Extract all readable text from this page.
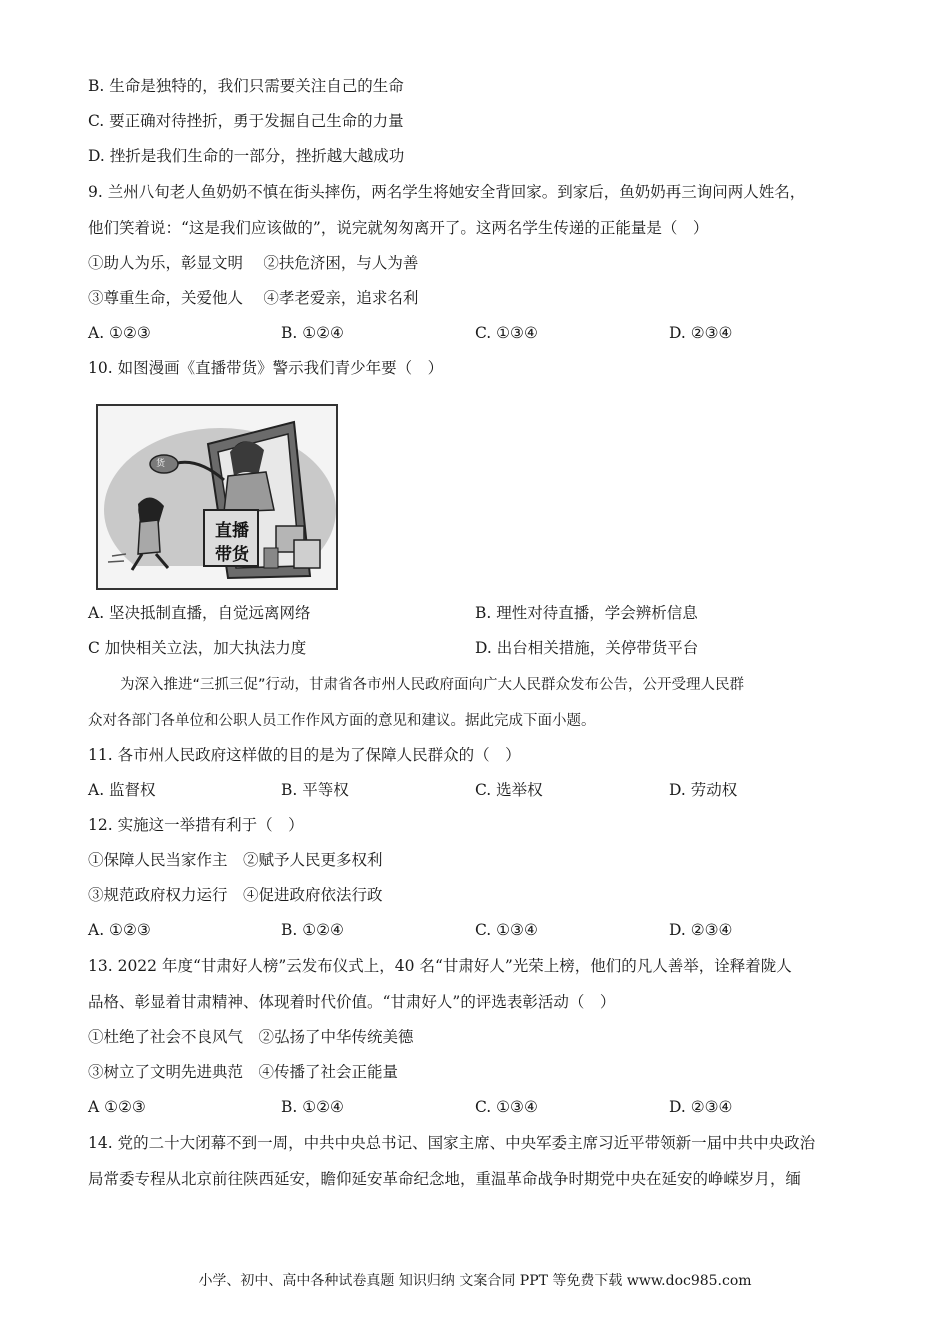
B. 生命是独特的，我们只需要关注自己的生命
C. 要正确对待挫折，勇于发掘自己生命的力量
D. 挫折是我们生命的一部分，挫折越大越成功
9. 兰州八旬老人鱼奶奶不慎在街头摔伤，两名学生将她安全背回家。到家后，鱼奶奶再三询问两人姓名，
他们笑着说：“这是我们应该做的”，说完就匆匆离开了。这两名学生传递的正能量是（　）
①助人为乐，彰显文明　 ②扶危济困，与人为善
③尊重生命，关爱他人　 ④孝老爱亲，追求名利
A. ①②③	B. ①②④	C. ①③④	D. ②③④
10. 如图漫画《直播带货》警示我们青少年要（　）
直播
带货
货
A. 坚决抵制直播，自觉远离网络	B. 理性对待直播，学会辨析信息
C 加快相关立法，加大执法力度	D. 出台相关措施，关停带货平台
为深入推进“三抓三促”行动，甘肃省各市州人民政府面向广大人民群众发布公告，公开受理人民群
众对各部门各单位和公职人员工作作风方面的意见和建议。据此完成下面小题。
11. 各市州人民政府这样做的目的是为了保障人民群众的（　）
A. 监督权	B. 平等权	C. 选举权	D. 劳动权
12. 实施这一举措有利于（　）
①保障人民当家作主　②赋予人民更多权利
③规范政府权力运行　④促进政府依法行政
A. ①②③	B. ①②④	C. ①③④	D. ②③④
13. 2022 年度“甘肃好人榜”云发布仪式上，40 名“甘肃好人”光荣上榜，他们的凡人善举，诠释着陇人
品格、彰显着甘肃精神、体现着时代价值。“甘肃好人”的评选表彰活动（　）
①杜绝了社会不良风气　②弘扬了中华传统美德
③树立了文明先进典范　④传播了社会正能量
A ①②③	B. ①②④	C. ①③④	D. ②③④
14. 党的二十大闭幕不到一周，中共中央总书记、国家主席、中央军委主席习近平带领新一届中共中央政治
局常委专程从北京前往陕西延安，瞻仰延安革命纪念地，重温革命战争时期党中央在延安的峥嵘岁月，缅
小学、初中、高中各种试卷真题 知识归纳 文案合同 PPT 等免费下载 www.doc985.com
